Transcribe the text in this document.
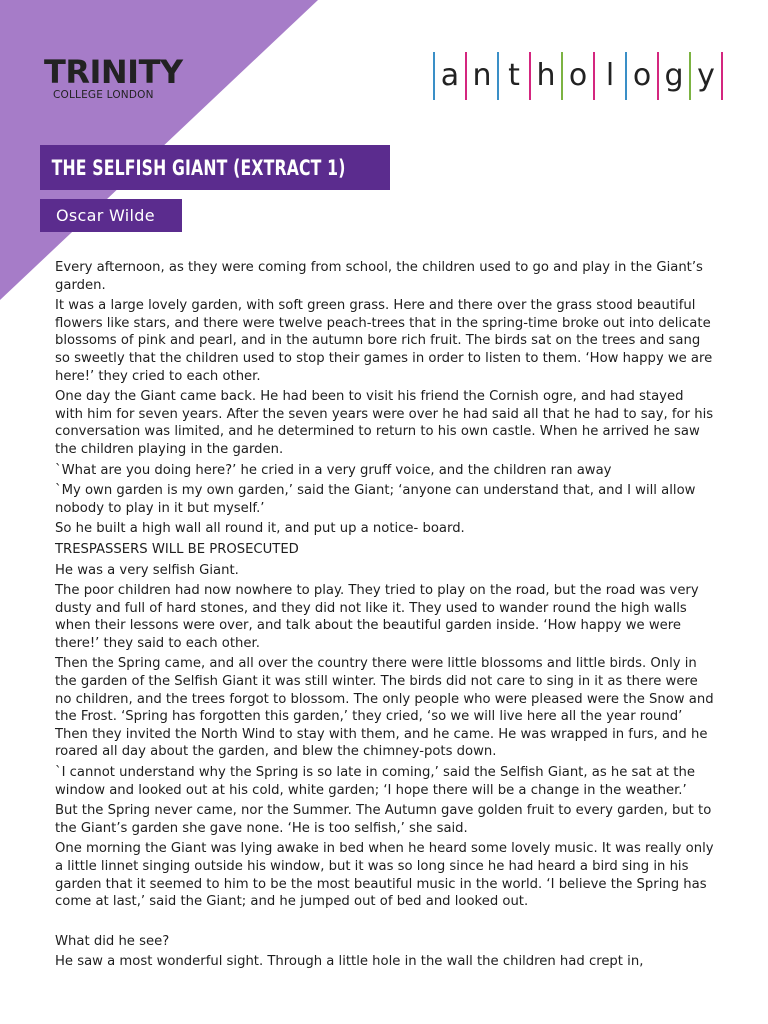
TRINITY
COLLEGE LONDON
a n t h o l o g y
THE SELFISH GIANT (EXTRACT 1)
Oscar Wilde

Every afternoon, as they were coming from school, the children used to go and play in the Giant’s garden.

It was a large lovely garden, with soft green grass. Here and there over the grass stood beautiful flowers like stars, and there were twelve peach-trees that in the spring-time broke out into delicate blossoms of pink and pearl, and in the autumn bore rich fruit. The birds sat on the trees and sang so sweetly that the children used to stop their games in order to listen to them. ‘How happy we are here!’ they cried to each other.

One day the Giant came back. He had been to visit his friend the Cornish ogre, and had stayed with him for seven years. After the seven years were over he had said all that he had to say, for his conversation was limited, and he determined to return to his own castle. When he arrived he saw the children playing in the garden.

`What are you doing here?’ he cried in a very gruff voice, and the children ran away

`My own garden is my own garden,’ said the Giant; ‘anyone can understand that, and I will allow nobody to play in it but myself.’

So he built a high wall all round it, and put up a notice- board.

TRESPASSERS WILL BE PROSECUTED

He was a very selfish Giant.

The poor children had now nowhere to play. They tried to play on the road, but the road was very dusty and full of hard stones, and they did not like it. They used to wander round the high walls when their lessons were over, and talk about the beautiful garden inside. ‘How happy we were there!’ they said to each other.

Then the Spring came, and all over the country there were little blossoms and little birds. Only in the garden of the Selfish Giant it was still winter. The birds did not care to sing in it as there were no children, and the trees forgot to blossom. The only people who were pleased were the Snow and the Frost. ‘Spring has forgotten this garden,’ they cried, ‘so we will live here all the year round’ Then they invited the North Wind to stay with them, and he came. He was wrapped in furs, and he roared all day about the garden, and blew the chimney-pots down.

`I cannot understand why the Spring is so late in coming,’ said the Selfish Giant, as he sat at the window and looked out at his cold, white garden; ‘I hope there will be a change in the weather.’

But the Spring never came, nor the Summer. The Autumn gave golden fruit to every garden, but to the Giant’s garden she gave none. ‘He is too selfish,’ she said.

One morning the Giant was lying awake in bed when he heard some lovely music. It was really only a little linnet singing outside his window, but it was so long since he had heard a bird sing in his garden that it seemed to him to be the most beautiful music in the world. ‘I believe the Spring has come at last,’ said the Giant; and he jumped out of bed and looked out.

What did he see?

He saw a most wonderful sight. Through a little hole in the wall the children had crept in,
